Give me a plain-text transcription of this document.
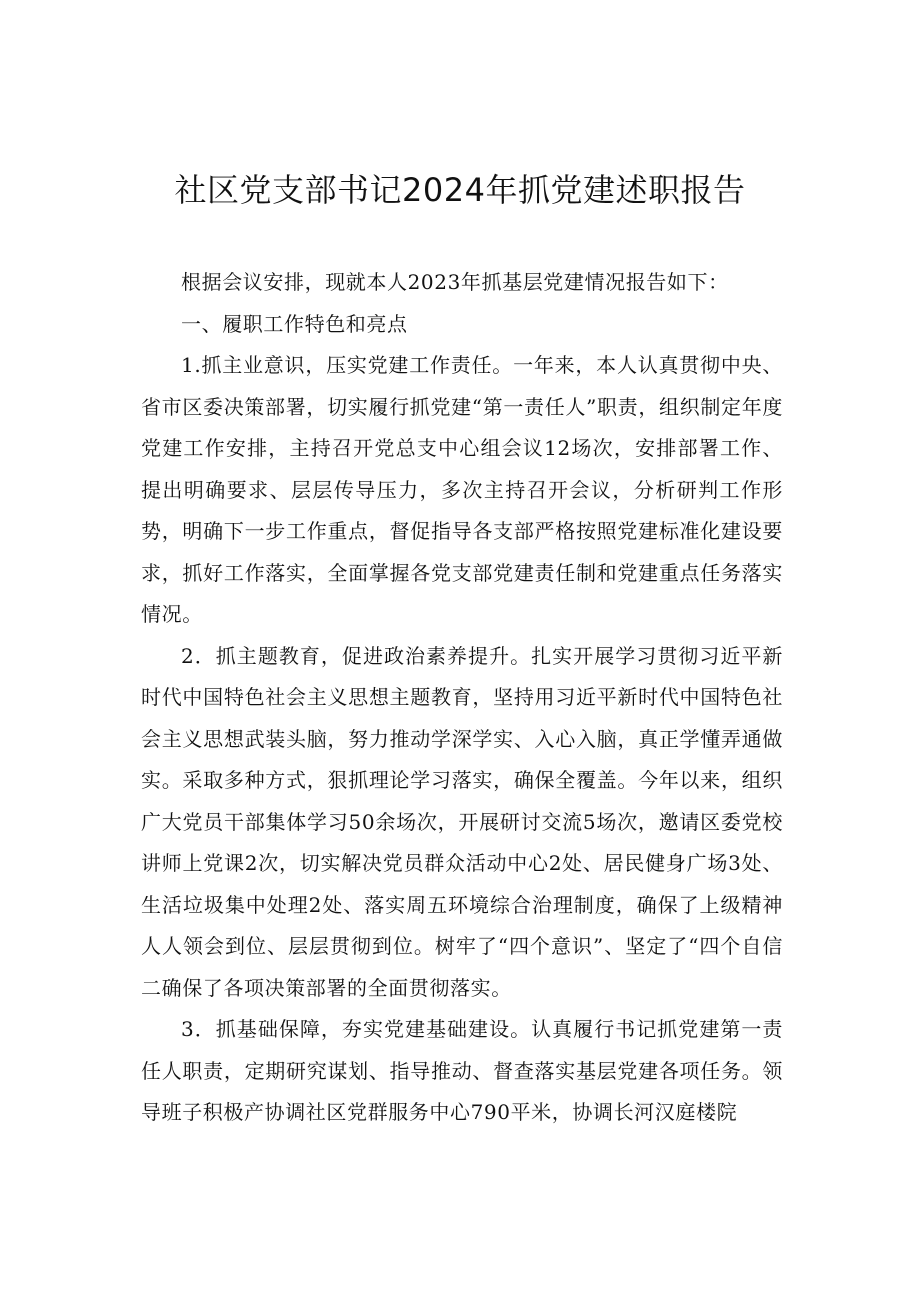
社区党支部书记2024年抓党建述职报告

根据会议安排，现就本人2023年抓基层党建情况报告如下：

一、履职工作特色和亮点

1.抓主业意识，压实党建工作责任。一年来，本人认真贯彻中央、省市区委决策部署，切实履行抓党建“第一责任人”职责，组织制定年度党建工作安排，主持召开党总支中心组会议12场次，安排部署工作、提出明确要求、层层传导压力，多次主持召开会议，分析研判工作形势，明确下一步工作重点，督促指导各支部严格按照党建标准化建设要求，抓好工作落实，全面掌握各党支部党建责任制和党建重点任务落实情况。

2．抓主题教育，促进政治素养提升。扎实开展学习贯彻习近平新时代中国特色社会主义思想主题教育，坚持用习近平新时代中国特色社会主义思想武装头脑，努力推动学深学实、入心入脑，真正学懂弄通做实。采取多种方式，狠抓理论学习落实，确保全覆盖。今年以来，组织广大党员干部集体学习50余场次，开展研讨交流5场次，邀请区委党校讲师上党课2次，切实解决党员群众活动中心2处、居民健身广场3处、生活垃圾集中处理2处、落实周五环境综合治理制度，确保了上级精神人人领会到位、层层贯彻到位。树牢了“四个意识”、坚定了“四个自信二确保了各项决策部署的全面贯彻落实。

3．抓基础保障，夯实党建基础建设。认真履行书记抓党建第一责任人职责，定期研究谋划、指导推动、督查落实基层党建各项任务。领导班子积极产协调社区党群服务中心790平米，协调长河汉庭楼院
